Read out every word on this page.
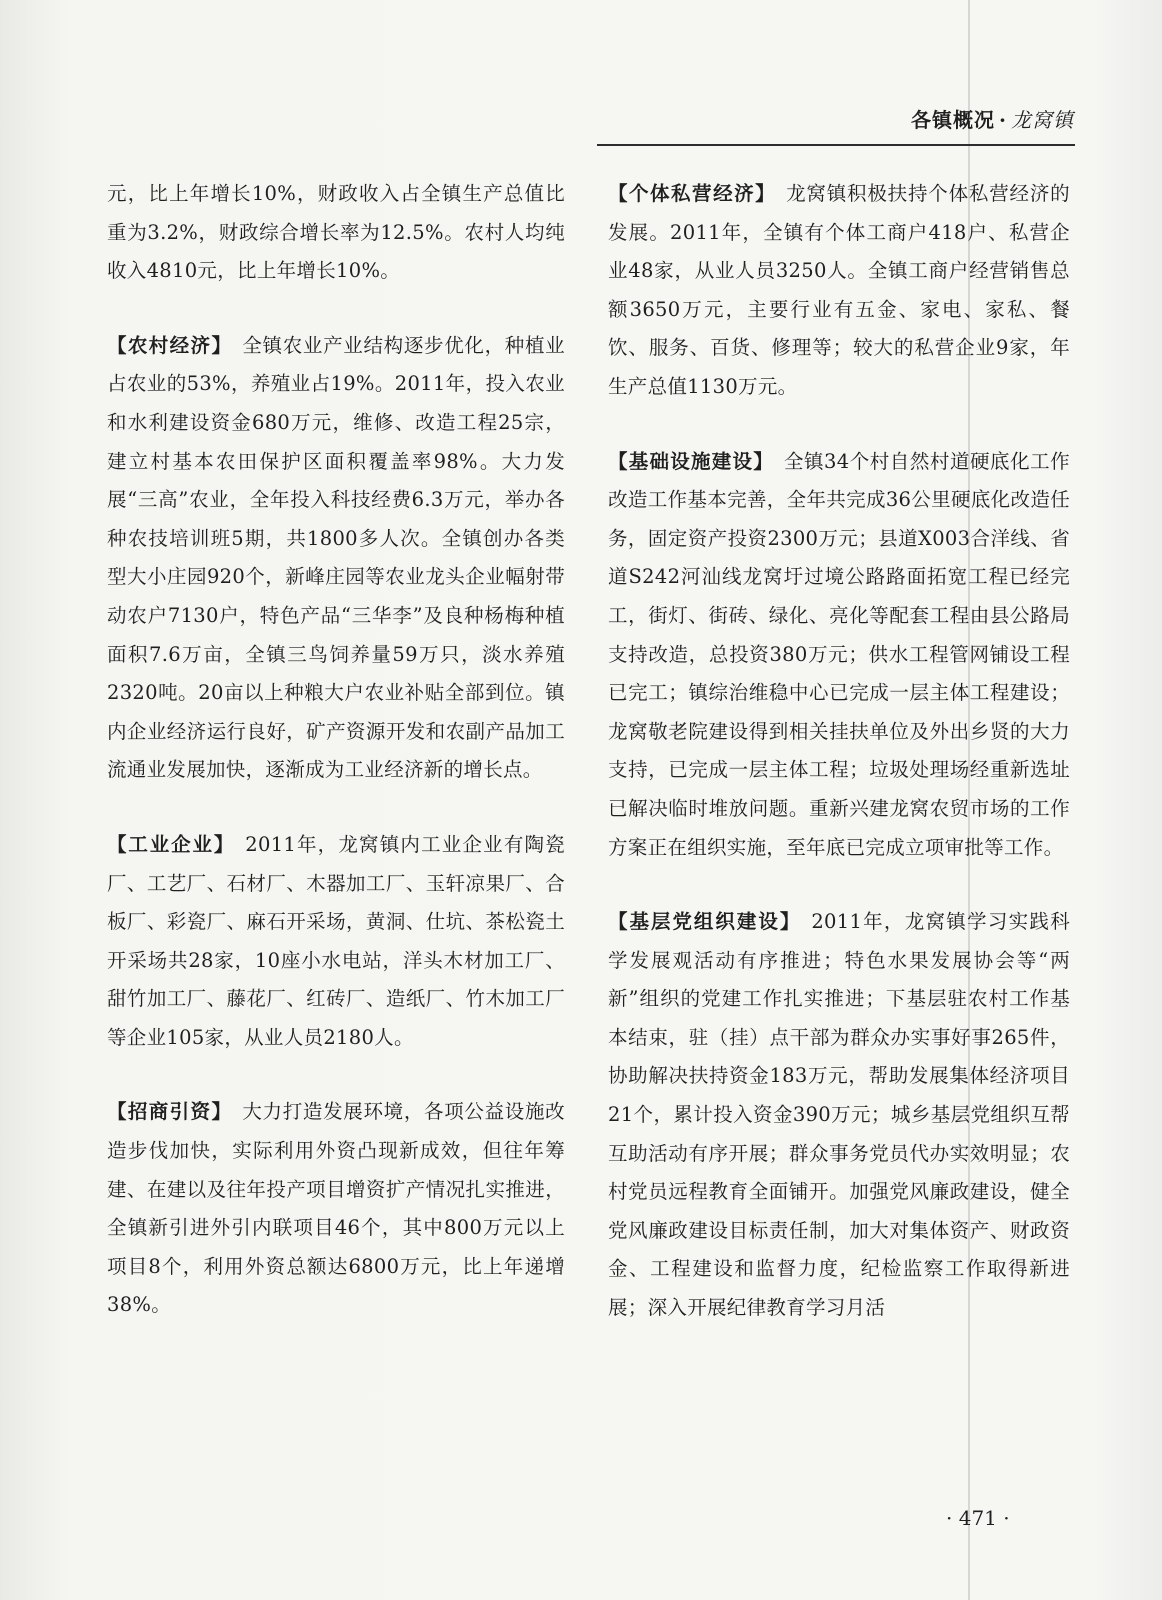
各镇概况 · 龙窝镇

元，比上年增长10%，财政收入占全镇生产总值比重为3.2%，财政综合增长率为12.5%。农村人均纯收入4810元，比上年增长10%。

【农村经济】 全镇农业产业结构逐步优化，种植业占农业的53%，养殖业占19%。2011年，投入农业和水利建设资金680万元，维修、改造工程25宗，建立村基本农田保护区面积覆盖率98%。大力发展“三高”农业，全年投入科技经费6.3万元，举办各种农技培训班5期，共1800多人次。全镇创办各类型大小庄园920个，新峰庄园等农业龙头企业幅射带动农户7130户，特色产品“三华李”及良种杨梅种植面积7.6万亩，全镇三鸟饲养量59万只，淡水养殖2320吨。20亩以上种粮大户农业补贴全部到位。镇内企业经济运行良好，矿产资源开发和农副产品加工流通业发展加快，逐渐成为工业经济新的增长点。

【工业企业】 2011年，龙窝镇内工业企业有陶瓷厂、工艺厂、石材厂、木器加工厂、玉轩凉果厂、合板厂、彩瓷厂、麻石开采场，黄洞、仕坑、茶松瓷土开采场共28家，10座小水电站，洋头木材加工厂、甜竹加工厂、藤花厂、红砖厂、造纸厂、竹木加工厂等企业105家，从业人员2180人。

【招商引资】 大力打造发展环境，各项公益设施改造步伐加快，实际利用外资凸现新成效，但往年筹建、在建以及往年投产项目增资扩产情况扎实推进，全镇新引进外引内联项目46个，其中800万元以上项目8个，利用外资总额达6800万元，比上年递增38%。

【个体私营经济】 龙窝镇积极扶持个体私营经济的发展。2011年，全镇有个体工商户418户、私营企业48家，从业人员3250人。全镇工商户经营销售总额3650万元，主要行业有五金、家电、家私、餐饮、服务、百货、修理等；较大的私营企业9家，年生产总值1130万元。

【基础设施建设】 全镇34个村自然村道硬底化工作改造工作基本完善，全年共完成36公里硬底化改造任务，固定资产投资2300万元；县道X003合洋线、省道S242河汕线龙窝圩过境公路路面拓宽工程已经完工，街灯、街砖、绿化、亮化等配套工程由县公路局支持改造，总投资380万元；供水工程管网铺设工程已完工；镇综治维稳中心已完成一层主体工程建设；龙窝敬老院建设得到相关挂扶单位及外出乡贤的大力支持，已完成一层主体工程；垃圾处理场经重新选址已解决临时堆放问题。重新兴建龙窝农贸市场的工作方案正在组织实施，至年底已完成立项审批等工作。

【基层党组织建设】 2011年，龙窝镇学习实践科学发展观活动有序推进；特色水果发展协会等“两新”组织的党建工作扎实推进；下基层驻农村工作基本结束，驻（挂）点干部为群众办实事好事265件，协助解决扶持资金183万元，帮助发展集体经济项目21个，累计投入资金390万元；城乡基层党组织互帮互助活动有序开展；群众事务党员代办实效明显；农村党员远程教育全面铺开。加强党风廉政建设，健全党风廉政建设目标责任制，加大对集体资产、财政资金、工程建设和监督力度，纪检监察工作取得新进展；深入开展纪律教育学习月活

· 471 ·
